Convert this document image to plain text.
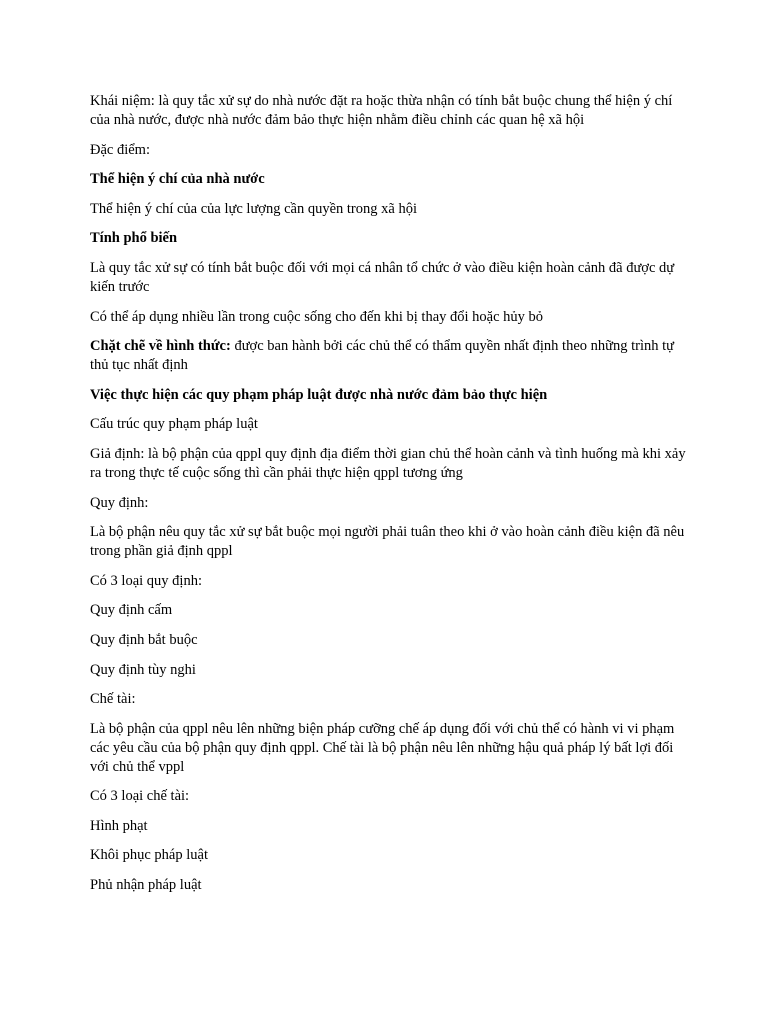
Khái niệm: là quy tắc xử sự do nhà nước đặt ra hoặc thừa nhận có tính bắt buộc chung thể hiện ý chí của nhà nước, được nhà nước đảm bảo thực hiện nhằm điều chỉnh các quan hệ xã hội

Đặc điểm:

Thể hiện ý chí của nhà nước

Thể hiện ý chí của của lực lượng cần quyền trong xã hội

Tính phổ biến

Là quy tắc xử sự có tính bắt buộc đối với mọi cá nhân tổ chức ở vào điều kiện hoàn cảnh đã được dự kiến trước

Có thể áp dụng nhiều lần trong cuộc sống cho đến khi bị thay đổi hoặc hủy bỏ

Chặt chẽ về hình thức: được ban hành bởi các chủ thể có thẩm quyền nhất định theo những trình tự thủ tục nhất định

Việc thực hiện các quy phạm pháp luật được nhà nước đảm bảo thực hiện

Cấu trúc quy phạm pháp luật

Giả định: là bộ phận của qppl quy định địa điểm thời gian chủ thể hoàn cảnh và tình huống mà khi xảy ra trong thực tế cuộc sống thì cần phải thực hiện qppl tương ứng

Quy định:

Là bộ phận nêu quy tắc xử sự bắt buộc mọi người phải tuân theo khi ở vào hoàn cảnh điều kiện đã nêu trong phần giả định qppl

Có 3 loại quy định:

Quy định cấm

Quy định bắt buộc

Quy định tùy nghi

Chế tài:

Là bộ phận của qppl nêu lên những biện pháp cưỡng chế áp dụng đối với chủ thể có hành vi vi phạm các yêu cầu của bộ phận quy định qppl. Chế tài là bộ phận nêu lên những hậu quả pháp lý bất lợi đối với chủ thể vppl

Có 3 loại chế tài:

Hình phạt

Khôi phục pháp luật

Phủ nhận pháp luật
